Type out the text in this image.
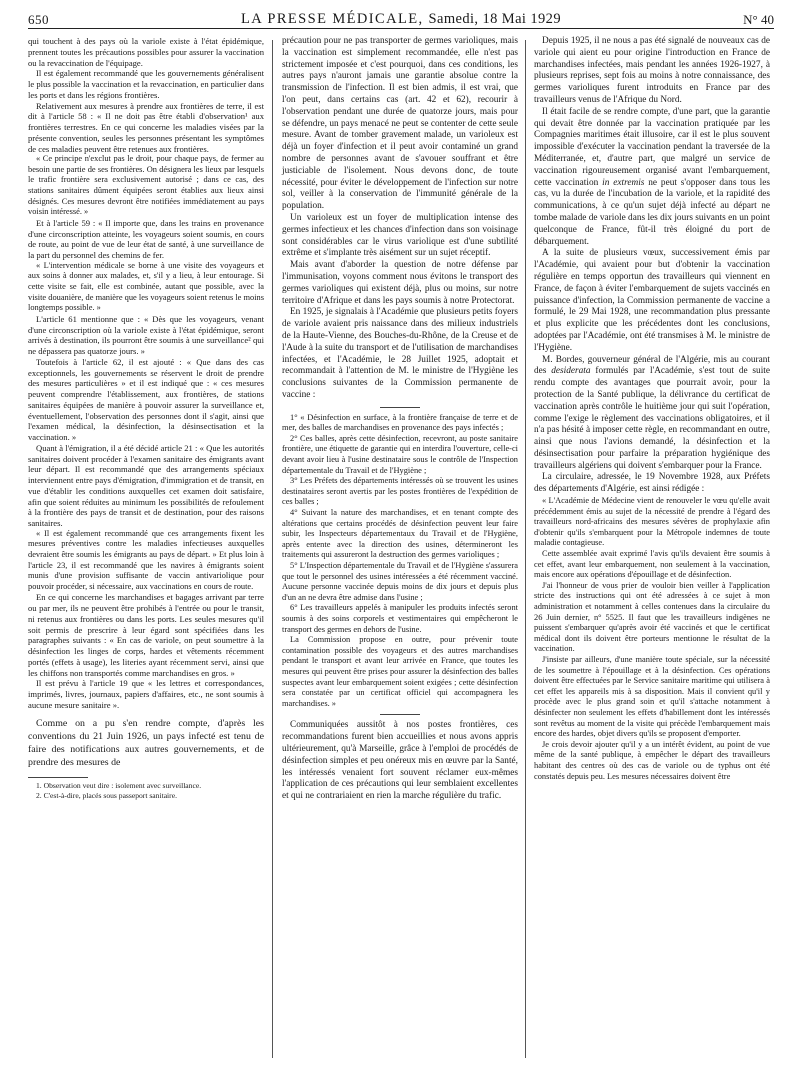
650	LA PRESSE MÉDICALE, Samedi, 18 Mai 1929	N° 40

qui touchent à des pays où la variole existe à l'état épidémique, prennent toutes les précautions possibles pour assurer la vaccination ou la revaccination de l'équipage.

Il est également recommandé que les gouvernements généralisent le plus possible la vaccination et la revaccination, en particulier dans les ports et dans les régions frontières.

Relativement aux mesures à prendre aux frontières de terre, il est dit à l'article 58 : « Il ne doit pas être établi d'observation¹ aux frontières terrestres. En ce qui concerne les maladies visées par la présente convention, seules les personnes présentant les symptômes de ces maladies peuvent être retenues aux frontières.

« Ce principe n'exclut pas le droit, pour chaque pays, de fermer au besoin une partie de ses frontières. On désignera les lieux par lesquels le trafic frontière sera exclusivement autorisé ; dans ce cas, des stations sanitaires dûment équipées seront établies aux lieux ainsi désignés. Ces mesures devront être notifiées immédiatement au pays voisin intéressé. »

Et à l'article 59 : « Il importe que, dans les trains en provenance d'une circonscription atteinte, les voyageurs soient soumis, en cours de route, au point de vue de leur état de santé, à une surveillance de la part du personnel des chemins de fer.

« L'intervention médicale se borne à une visite des voyageurs et aux soins à donner aux malades, et, s'il y a lieu, à leur entourage. Si cette visite se fait, elle est combinée, autant que possible, avec la visite douanière, de manière que les voyageurs soient retenus le moins longtemps possible. »

L'article 61 mentionne que : « Dès que les voyageurs, venant d'une circonscription où la variole existe à l'état épidémique, seront arrivés à destination, ils pourront être soumis à une surveillance² qui ne dépassera pas quatorze jours. »

Toutefois à l'article 62, il est ajouté : « Que dans des cas exceptionnels, les gouvernements se réservent le droit de prendre des mesures particulières » et il est indiqué que : « ces mesures peuvent comprendre l'établissement, aux frontières, de stations sanitaires équipées de manière à pouvoir assurer la surveillance et, éventuellement, l'observation des personnes dont il s'agit, ainsi que l'examen médical, la désinfection, la désinsectisation et la vaccination. »

Quant à l'émigration, il a été décidé article 21 : « Que les autorités sanitaires doivent procéder à l'examen sanitaire des émigrants avant leur départ. Il est recommandé que des arrangements spéciaux interviennent entre pays d'émigration, d'immigration et de transit, en vue d'établir les conditions auxquelles cet examen doit satisfaire, afin que soient réduites au minimum les possibilités de refoulement à la frontière des pays de transit et de destination, pour des raisons sanitaires.

« Il est également recommandé que ces arrangements fixent les mesures préventives contre les maladies infectieuses auxquelles devraient être soumis les émigrants au pays de départ. » Et plus loin à l'article 23, il est recommandé que les navires à émigrants soient munis d'une provision suffisante de vaccin antivariolique pour pouvoir procéder, si nécessaire, aux vaccinations en cours de route.

En ce qui concerne les marchandises et bagages arrivant par terre ou par mer, ils ne peuvent être prohibés à l'entrée ou pour le transit, ni retenus aux frontières ou dans les ports. Les seules mesures qu'il soit permis de prescrire à leur égard sont spécifiées dans les paragraphes suivants : « En cas de variole, on peut soumettre à la désinfection les linges de corps, hardes et vêtements récemment portés (effets à usage), les literies ayant récemment servi, ainsi que les chiffons non transportés comme marchandises en gros. »

Il est prévu à l'article 19 que « les lettres et correspondances, imprimés, livres, journaux, papiers d'affaires, etc., ne sont soumis à aucune mesure sanitaire ».

Comme on a pu s'en rendre compte, d'après les conventions du 21 Juin 1926, un pays infecté est tenu de faire des notifications aux autres gouvernements, et de prendre des mesures de

1. Observation veut dire : isolement avec surveillance.

2. C'est-à-dire, placés sous passeport sanitaire.

précaution pour ne pas transporter de germes varioliques, mais la vaccination est simplement recommandée, elle n'est pas strictement imposée et c'est pourquoi, dans ces conditions, les autres pays n'auront jamais une garantie absolue contre la transmission de l'infection. Il est bien admis, il est vrai, que l'on peut, dans certains cas (art. 42 et 62), recourir à l'observation pendant une durée de quatorze jours, mais pour se défendre, un pays menacé ne peut se contenter de cette seule mesure. Avant de tomber gravement malade, un varioleux est déjà un foyer d'infection et il peut avoir contaminé un grand nombre de personnes avant de s'avouer souffrant et être justiciable de l'isolement. Nous devons donc, de toute nécessité, pour éviter le développement de l'infection sur notre sol, veiller à la conservation de l'immunité générale de la population.

Un varioleux est un foyer de multiplication intense des germes infectieux et les chances d'infection dans son voisinage sont considérables car le virus variolique est d'une subtilité extrême et s'implante très aisément sur un sujet réceptif.

Mais avant d'aborder la question de notre défense par l'immunisation, voyons comment nous évitons le transport des germes varioliques qui existent déjà, plus ou moins, sur notre territoire d'Afrique et dans les pays soumis à notre Protectorat.

En 1925, je signalais à l'Académie que plusieurs petits foyers de variole avaient pris naissance dans des milieux industriels de la Haute-Vienne, des Bouches-du-Rhône, de la Creuse et de l'Aude à la suite du transport et de l'utilisation de marchandises infectées, et l'Académie, le 28 Juillet 1925, adoptait et recommandait à l'attention de M. le ministre de l'Hygiène les conclusions suivantes de la Commission permanente de vaccine :

1° « Désinfection en surface, à la frontière française de terre et de mer, des balles de marchandises en provenance des pays infectés ;

2° Ces balles, après cette désinfection, recevront, au poste sanitaire frontière, une étiquette de garantie qui en interdira l'ouverture, celle-ci devant avoir lieu à l'usine destinataire sous le contrôle de l'Inspection départementale du Travail et de l'Hygiène ;

3° Les Préfets des départements intéressés où se trouvent les usines destinataires seront avertis par les postes frontières de l'expédition de ces balles ;

4° Suivant la nature des marchandises, et en tenant compte des altérations que certains procédés de désinfection peuvent leur faire subir, les Inspecteurs départementaux du Travail et de l'Hygiène, après entente avec la direction des usines, détermineront les traitements qui assureront la destruction des germes varioliques ;

5° L'Inspection départementale du Travail et de l'Hygiène s'assurera que tout le personnel des usines intéressées a été récemment vacciné. Aucune personne vaccinée depuis moins de dix jours et depuis plus d'un an ne devra être admise dans l'usine ;

6° Les travailleurs appelés à manipuler les produits infectés seront soumis à des soins corporels et vestimentaires qui empêcheront le transport des germes en dehors de l'usine.

La Commission propose en outre, pour prévenir toute contamination possible des voyageurs et des autres marchandises pendant le transport et avant leur arrivée en France, que toutes les mesures qui peuvent être prises pour assurer la désinfection des balles suspectes avant leur embarquement soient exigées ; cette désinfection sera constatée par un certificat officiel qui accompagnera les marchandises. »

Communiquées aussitôt à nos postes frontières, ces recommandations furent bien accueillies et nous avons appris ultérieurement, qu'à Marseille, grâce à l'emploi de procédés de désinfection simples et peu onéreux mis en œuvre par la Santé, les intéressés venaient fort souvent réclamer eux-mêmes l'application de ces précautions qui leur semblaient excellentes et qui ne contrariaient en rien la marche régulière du trafic.

Depuis 1925, il ne nous a pas été signalé de nouveaux cas de variole qui aient eu pour origine l'introduction en France de marchandises infectées, mais pendant les années 1926-1927, à plusieurs reprises, sept fois au moins à notre connaissance, des germes varioliques furent introduits en France par des travailleurs venus de l'Afrique du Nord.

Il était facile de se rendre compte, d'une part, que la garantie qui devait être donnée par la vaccination pratiquée par les Compagnies maritimes était illusoire, car il est le plus souvent impossible d'exécuter la vaccination pendant la traversée de la Méditerranée, et, d'autre part, que malgré un service de vaccination rigoureusement organisé avant l'embarquement, cette vaccination in extremis ne peut s'opposer dans tous les cas, vu la durée de l'incubation de la variole, et la rapidité des communications, à ce qu'un sujet déjà infecté au départ ne tombe malade de variole dans les dix jours suivants en un point quelconque de France, fût-il très éloigné du port de débarquement.

A la suite de plusieurs vœux, successivement émis par l'Académie, qui avaient pour but d'obtenir la vaccination régulière en temps opportun des travailleurs qui viennent en France, de façon à éviter l'embarquement de sujets vaccinés en puissance d'infection, la Commission permanente de vaccine a formulé, le 29 Mai 1928, une recommandation plus pressante et plus explicite que les précédentes dont les conclusions, adoptées par l'Académie, ont été transmises à M. le ministre de l'Hygiène.

M. Bordes, gouverneur général de l'Algérie, mis au courant des desiderata formulés par l'Académie, s'est tout de suite rendu compte des avantages que pourrait avoir, pour la protection de la Santé publique, la délivrance du certificat de vaccination après contrôle le huitième jour qui suit l'opération, comme l'exige le règlement des vaccinations obligatoires, et il n'a pas hésité à imposer cette règle, en recommandant en outre, ainsi que nous l'avions demandé, la désinfection et la désinsectisation pour parfaire la préparation hygiénique des travailleurs algériens qui doivent s'embarquer pour la France.

La circulaire, adressée, le 19 Novembre 1928, aux Préfets des départements d'Algérie, est ainsi rédigée :

« L'Académie de Médecine vient de renouveler le vœu qu'elle avait précédemment émis au sujet de la nécessité de prendre à l'égard des travailleurs nord-africains des mesures sévères de prophylaxie afin d'obtenir qu'ils s'embarquent pour la Métropole indemnes de toute maladie contagieuse.

Cette assemblée avait exprimé l'avis qu'ils devaient être soumis à cet effet, avant leur embarquement, non seulement à la vaccination, mais encore aux opérations d'épouillage et de désinfection.

J'ai l'honneur de vous prier de vouloir bien veiller à l'application stricte des instructions qui ont été adressées à ce sujet à mon administration et notamment à celles contenues dans la circulaire du 26 Juin dernier, n° 5525. Il faut que les travailleurs indigènes ne puissent s'embarquer qu'après avoir été vaccinés et que le certificat médical dont ils doivent être porteurs mentionne le résultat de la vaccination.

J'insiste par ailleurs, d'une manière toute spéciale, sur la nécessité de les soumettre à l'épouillage et à la désinfection. Ces opérations doivent être effectuées par le Service sanitaire maritime qui utilisera à cet effet les appareils mis à sa disposition. Mais il convient qu'il y procède avec le plus grand soin et qu'il s'attache notamment à désinfecter non seulement les effets d'habillement dont les intéressés sont revêtus au moment de la visite qui précède l'embarquement mais encore des hardes, objet divers qu'ils se proposent d'emporter.

Je crois devoir ajouter qu'il y a un intérêt évident, au point de vue même de la santé publique, à empêcher le départ des travailleurs habitant des centres où des cas de variole ou de typhus ont été constatés depuis peu. Les mesures nécessaires doivent être
